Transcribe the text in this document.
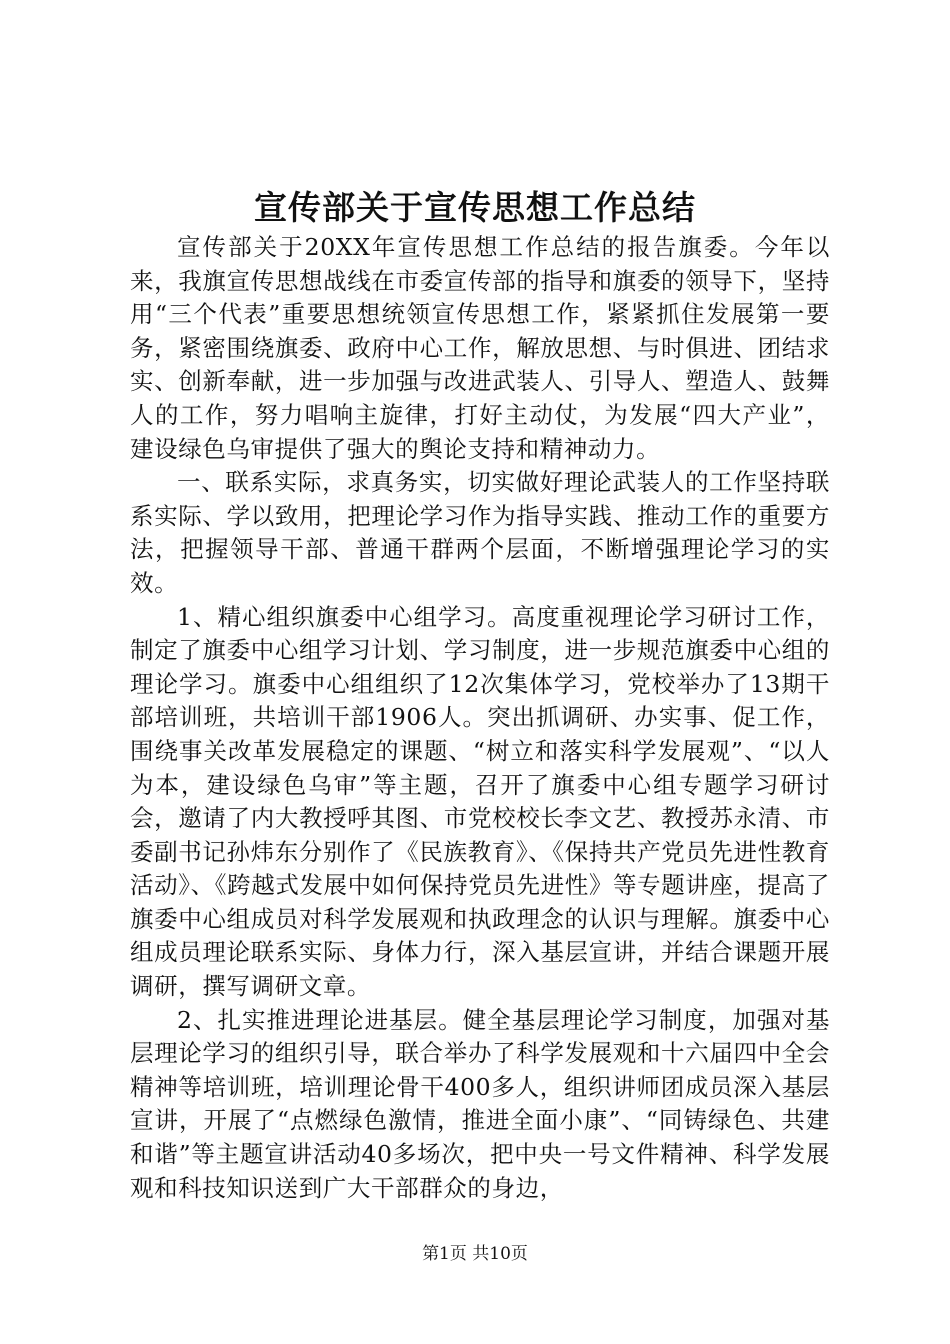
宣传部关于宣传思想工作总结

宣传部关于20XX年宣传思想工作总结的报告旗委。今年以来，我旗宣传思想战线在市委宣传部的指导和旗委的领导下，坚持用“三个代表”重要思想统领宣传思想工作，紧紧抓住发展第一要务，紧密围绕旗委、政府中心工作，解放思想、与时俱进、团结求实、创新奉献，进一步加强与改进武装人、引导人、塑造人、鼓舞人的工作，努力唱响主旋律，打好主动仗，为发展“四大产业”，建设绿色乌审提供了强大的舆论支持和精神动力。

一、联系实际，求真务实，切实做好理论武装人的工作坚持联系实际、学以致用，把理论学习作为指导实践、推动工作的重要方法，把握领导干部、普通干群两个层面，不断增强理论学习的实效。

1、精心组织旗委中心组学习。高度重视理论学习研讨工作，制定了旗委中心组学习计划、学习制度，进一步规范旗委中心组的理论学习。旗委中心组组织了12次集体学习，党校举办了13期干部培训班，共培训干部1906人。突出抓调研、办实事、促工作，围绕事关改革发展稳定的课题、“树立和落实科学发展观”、“以人为本，建设绿色乌审”等主题，召开了旗委中心组专题学习研讨会，邀请了内大教授呼其图、市党校校长李文艺、教授苏永清、市委副书记孙炜东分别作了《民族教育》、《保持共产党员先进性教育活动》、《跨越式发展中如何保持党员先进性》等专题讲座，提高了旗委中心组成员对科学发展观和执政理念的认识与理解。旗委中心组成员理论联系实际、身体力行，深入基层宣讲，并结合课题开展调研，撰写调研文章。

2、扎实推进理论进基层。健全基层理论学习制度，加强对基层理论学习的组织引导，联合举办了科学发展观和十六届四中全会精神等培训班，培训理论骨干400多人，组织讲师团成员深入基层宣讲，开展了“点燃绿色激情，推进全面小康”、“同铸绿色、共建和谐”等主题宣讲活动40多场次，把中央一号文件精神、科学发展观和科技知识送到广大干部群众的身边，

第1页 共10页
